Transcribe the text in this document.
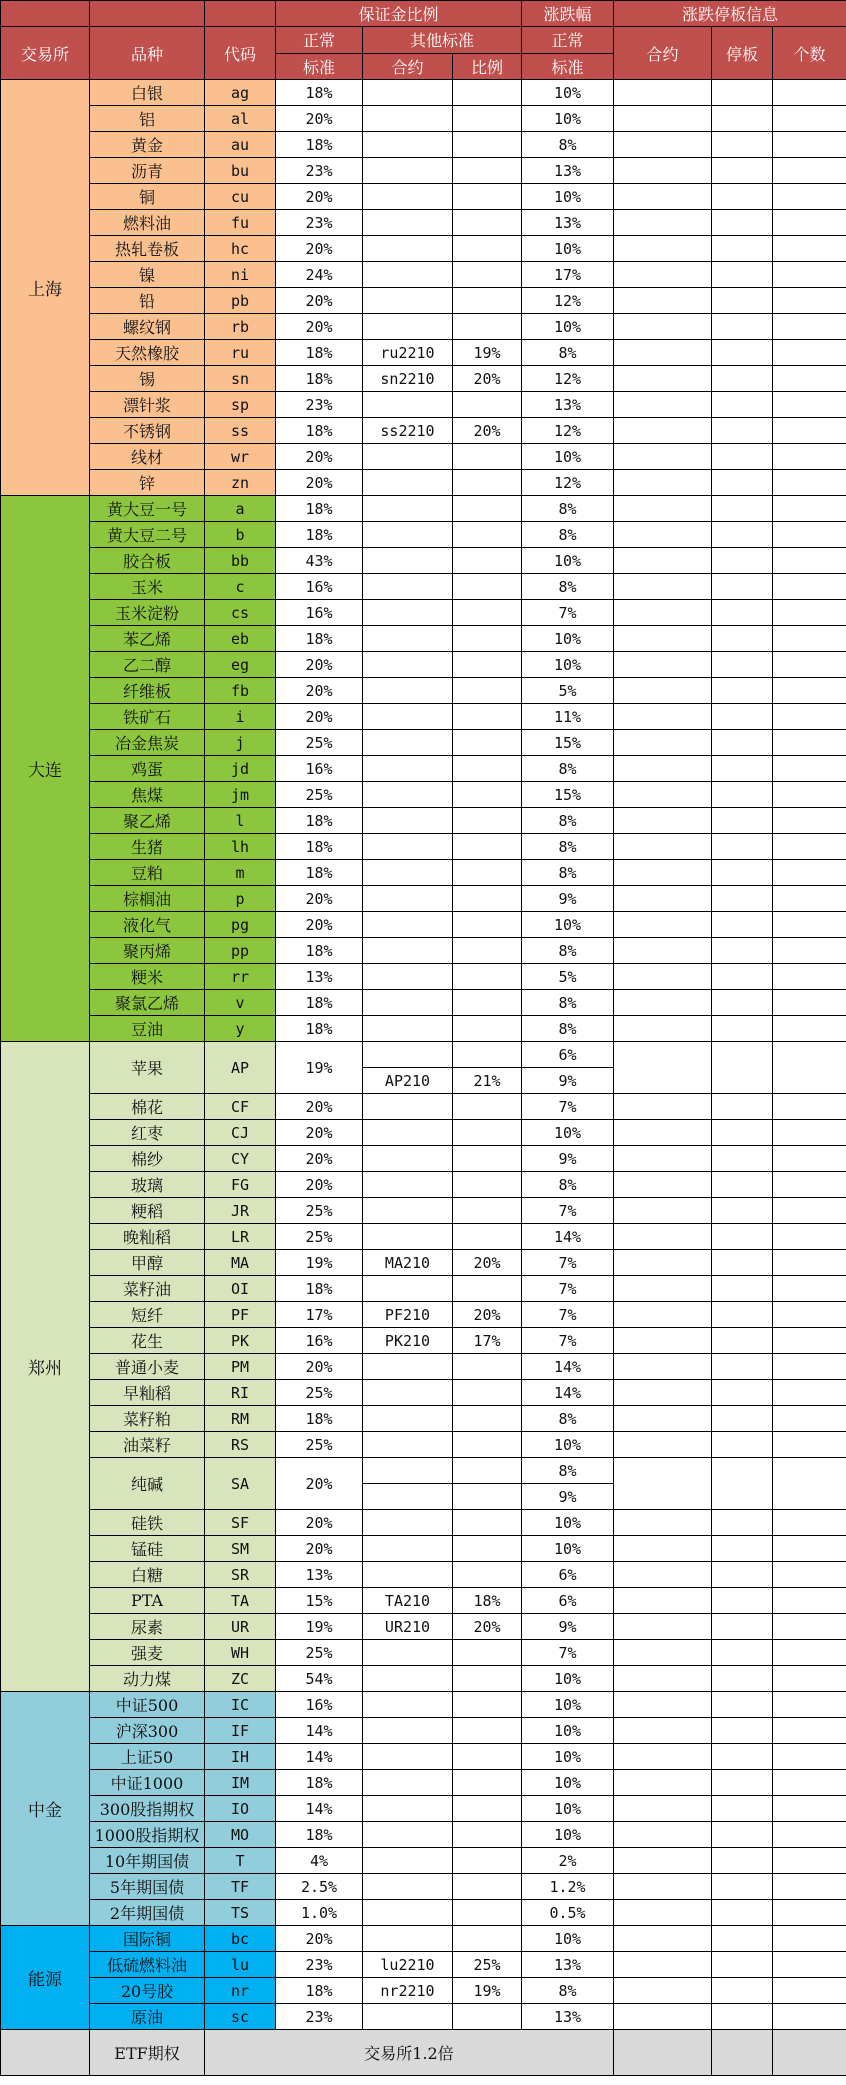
			保证金比例			涨跌幅	涨跌停板信息		
交易所	品种	代码	正常	其他标准		正常	合约	停板	个数
			标准	合约	比例	标准			
上海	白银	ag	18%			10%			
	铝	al	20%			10%			
	黄金	au	18%			8%			
	沥青	bu	23%			13%			
	铜	cu	20%			10%			
	燃料油	fu	23%			13%			
	热轧卷板	hc	20%			10%			
	镍	ni	24%			17%			
	铅	pb	20%			12%			
	螺纹钢	rb	20%			10%			
	天然橡胶	ru	18%	ru2210	19%	8%			
	锡	sn	18%	sn2210	20%	12%			
	漂针浆	sp	23%			13%			
	不锈钢	ss	18%	ss2210	20%	12%			
	线材	wr	20%			10%			
	锌	zn	20%			12%			
大连	黄大豆一号	a	18%			8%			
	黄大豆二号	b	18%			8%			
	胶合板	bb	43%			10%			
	玉米	c	16%			8%			
	玉米淀粉	cs	16%			7%			
	苯乙烯	eb	18%			10%			
	乙二醇	eg	20%			10%			
	纤维板	fb	20%			5%			
	铁矿石	i	20%			11%			
	冶金焦炭	j	25%			15%			
	鸡蛋	jd	16%			8%			
	焦煤	jm	25%			15%			
	聚乙烯	l	18%			8%			
	生猪	lh	18%			8%			
	豆粕	m	18%			8%			
	棕榈油	p	20%			9%			
	液化气	pg	20%			10%			
	聚丙烯	pp	18%			8%			
	粳米	rr	13%			5%			
	聚氯乙烯	v	18%			8%			
	豆油	y	18%			8%			
郑州	苹果	AP	19%			6%			
				AP210	21%	9%			
	棉花	CF	20%			7%			
	红枣	CJ	20%			10%			
	棉纱	CY	20%			9%			
	玻璃	FG	20%			8%			
	粳稻	JR	25%			7%			
	晚籼稻	LR	25%			14%			
	甲醇	MA	19%	MA210	20%	7%			
	菜籽油	OI	18%			7%			
	短纤	PF	17%	PF210	20%	7%			
	花生	PK	16%	PK210	17%	7%			
	普通小麦	PM	20%			14%			
	早籼稻	RI	25%			14%			
	菜籽粕	RM	18%			8%			
	油菜籽	RS	25%			10%			
	纯碱	SA	20%			8%			
						9%			
	硅铁	SF	20%			10%			
	锰硅	SM	20%			10%			
	白糖	SR	13%			6%			
	PTA	TA	15%	TA210	18%	6%			
	尿素	UR	19%	UR210	20%	9%			
	强麦	WH	25%			7%			
	动力煤	ZC	54%			10%			
中金	中证500	IC	16%			10%			
	沪深300	IF	14%			10%			
	上证50	IH	14%			10%			
	中证1000	IM	18%			10%			
	300股指期权	IO	14%			10%			
	1000股指期权	MO	18%			10%			
	10年期国债	T	4%			2%			
	5年期国债	TF	2.5%			1.2%			
	2年期国债	TS	1.0%			0.5%			
能源	国际铜	bc	20%			10%			
	低硫燃料油	lu	23%	lu2210	25%	13%			
	20号胶	nr	18%	nr2210	19%	8%			
	原油	sc	23%			13%			
	ETF期权	交易所1.2倍							
